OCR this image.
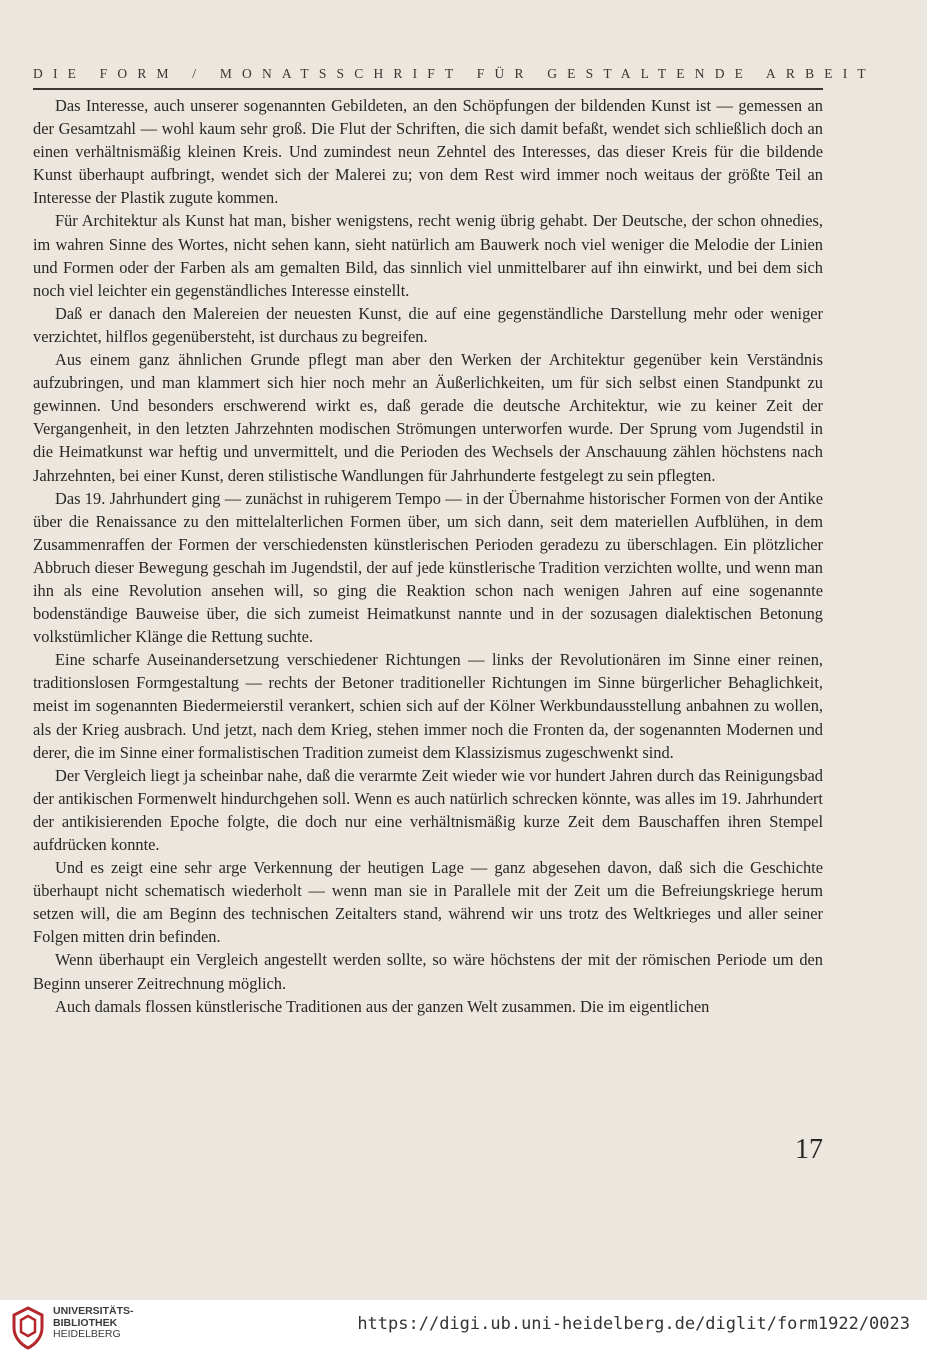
DIE FORM / MONATSSCHRIFT FÜR GESTALTENDE ARBEIT

Das Interesse, auch unserer sogenannten Gebildeten, an den Schöpfungen der bildenden Kunst ist — gemessen an der Gesamtzahl — wohl kaum sehr groß. Die Flut der Schriften, die sich damit befaßt, wendet sich schließlich doch an einen verhältnismäßig kleinen Kreis. Und zumindest neun Zehntel des Interesses, das dieser Kreis für die bildende Kunst überhaupt aufbringt, wendet sich der Malerei zu; von dem Rest wird immer noch weitaus der größte Teil an Interesse der Plastik zugute kommen.

Für Architektur als Kunst hat man, bisher wenigstens, recht wenig übrig gehabt. Der Deutsche, der schon ohnedies, im wahren Sinne des Wortes, nicht sehen kann, sieht natürlich am Bauwerk noch viel weniger die Melodie der Linien und Formen oder der Farben als am gemalten Bild, das sinnlich viel unmittelbarer auf ihn einwirkt, und bei dem sich noch viel leichter ein gegenständliches Interesse einstellt.

Daß er danach den Malereien der neuesten Kunst, die auf eine gegenständliche Darstellung mehr oder weniger verzichtet, hilflos gegenübersteht, ist durchaus zu begreifen.

Aus einem ganz ähnlichen Grunde pflegt man aber den Werken der Architektur gegenüber kein Verständnis aufzubringen, und man klammert sich hier noch mehr an Äußerlichkeiten, um für sich selbst einen Standpunkt zu gewinnen. Und besonders erschwerend wirkt es, daß gerade die deutsche Architektur, wie zu keiner Zeit der Vergangenheit, in den letzten Jahrzehnten modischen Strömungen unterworfen wurde. Der Sprung vom Jugendstil in die Heimatkunst war heftig und unvermittelt, und die Perioden des Wechsels der Anschauung zählen höchstens nach Jahrzehnten, bei einer Kunst, deren stilistische Wandlungen für Jahrhunderte festgelegt zu sein pflegten.

Das 19. Jahrhundert ging — zunächst in ruhigerem Tempo — in der Übernahme historischer Formen von der Antike über die Renaissance zu den mittelalterlichen Formen über, um sich dann, seit dem materiellen Aufblühen, in dem Zusammenraffen der Formen der verschiedensten künstlerischen Perioden geradezu zu überschlagen. Ein plötzlicher Abbruch dieser Bewegung geschah im Jugendstil, der auf jede künstlerische Tradition verzichten wollte, und wenn man ihn als eine Revolution ansehen will, so ging die Reaktion schon nach wenigen Jahren auf eine sogenannte bodenständige Bauweise über, die sich zumeist Heimatkunst nannte und in der sozusagen dialektischen Betonung volkstümlicher Klänge die Rettung suchte.

Eine scharfe Auseinandersetzung verschiedener Richtungen — links der Revolutionären im Sinne einer reinen, traditionslosen Formgestaltung — rechts der Betoner traditioneller Richtungen im Sinne bürgerlicher Behaglichkeit, meist im sogenannten Biedermeierstil verankert, schien sich auf der Kölner Werkbundausstellung anbahnen zu wollen, als der Krieg ausbrach. Und jetzt, nach dem Krieg, stehen immer noch die Fronten da, der sogenannten Modernen und derer, die im Sinne einer formalistischen Tradition zumeist dem Klassizismus zugeschwenkt sind.

Der Vergleich liegt ja scheinbar nahe, daß die verarmte Zeit wieder wie vor hundert Jahren durch das Reinigungsbad der antikischen Formenwelt hindurchgehen soll. Wenn es auch natürlich schrecken könnte, was alles im 19. Jahrhundert der antikisierenden Epoche folgte, die doch nur eine verhältnismäßig kurze Zeit dem Bauschaffen ihren Stempel aufdrücken konnte.

Und es zeigt eine sehr arge Verkennung der heutigen Lage — ganz abgesehen davon, daß sich die Geschichte überhaupt nicht schematisch wiederholt — wenn man sie in Parallele mit der Zeit um die Befreiungskriege herum setzen will, die am Beginn des technischen Zeitalters stand, während wir uns trotz des Weltkrieges und aller seiner Folgen mitten drin befinden.

Wenn überhaupt ein Vergleich angestellt werden sollte, so wäre höchstens der mit der römischen Periode um den Beginn unserer Zeitrechnung möglich.

Auch damals flossen künstlerische Traditionen aus der ganzen Welt zusammen. Die im eigentlichen

17
UNIVERSITÄTS-
BIBLIOTHEK
HEIDELBERG	https://digi.ub.uni-heidelberg.de/diglit/form1922/0023
